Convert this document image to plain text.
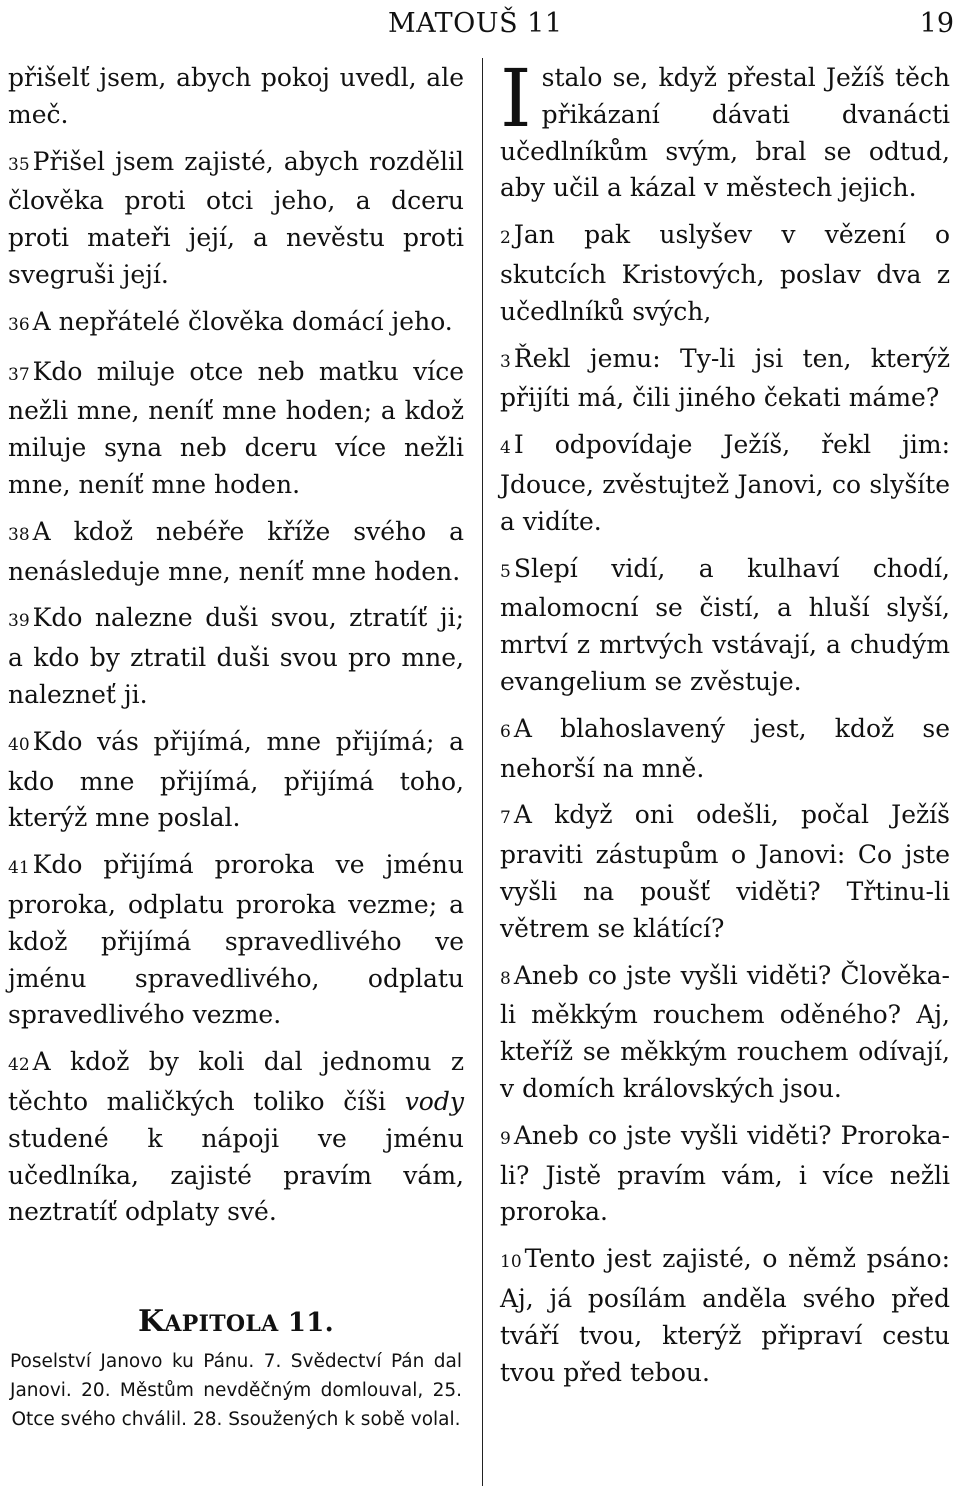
MATOUŠ 11	19

přišelť jsem, abych pokoj uvedl, ale meč.

35 Přišel jsem zajisté, abych rozdělil člověka proti otci jeho, a dceru proti mateři její, a nevěstu proti svegruši její.

36 A nepřátelé člověka domácí jeho.

37 Kdo miluje otce neb matku více nežli mne, neníť mne hoden; a kdož miluje syna neb dceru více nežli mne, neníť mne hoden.

38 A kdož nebéře kříže svého a nenásleduje mne, neníť mne hoden.

39 Kdo nalezne duši svou, ztratíť ji; a kdo by ztratil duši svou pro mne, nalezneť ji.

40 Kdo vás přijímá, mne přijímá; a kdo mne přijímá, přijímá toho, kterýž mne poslal.

41 Kdo přijímá proroka ve jménu proroka, odplatu proroka vezme; a kdož přijímá spravedlivého ve jménu spravedlivého, odplatu spravedlivého vezme.

42 A kdož by koli dal jednomu z těchto maličkých toliko číši vody studené k nápoji ve jménu učedlníka, zajisté pravím vám, neztratíť odplaty své.

KAPITOLA 11.
Poselství Janovo ku Pánu. 7. Svědectví Pán dal Janovi. 20. Městům nevděčným domlouval, 25. Otce svého chválil. 28. Ssoužených k sobě volal.

Istalo se, když přestal Ježíš těch přikázaní dávati dvanácti učedlníkům svým, bral se odtud, aby učil a kázal v městech jejich.

2 Jan pak uslyšev v vězení o skutcích Kristových, poslav dva z učedlníků svých,

3 Řekl jemu: Ty-li jsi ten, kterýž přijíti má, čili jiného čekati máme?

4 I odpovídaje Ježíš, řekl jim: Jdouce, zvěstujtež Janovi, co slyšíte a vidíte.

5 Slepí vidí, a kulhaví chodí, malomocní se čistí, a hluší slyší, mrtví z mrtvých vstávají, a chudým evangelium se zvěstuje.

6 A blahoslavený jest, kdož se nehorší na mně.

7 A když oni odešli, počal Ježíš praviti zástupům o Janovi: Co jste vyšli na poušť viděti? Třtinu-li větrem se klátící?

8 Aneb co jste vyšli viděti? Člověka-li měkkým rouchem oděného? Aj, kteříž se měkkým rouchem odívají, v domích královských jsou.

9 Aneb co jste vyšli viděti? Proroka-li? Jistě pravím vám, i více nežli proroka.

10 Tento jest zajisté, o němž psáno: Aj, já posílám anděla svého před tváří tvou, kterýž připraví cestu tvou před tebou.
